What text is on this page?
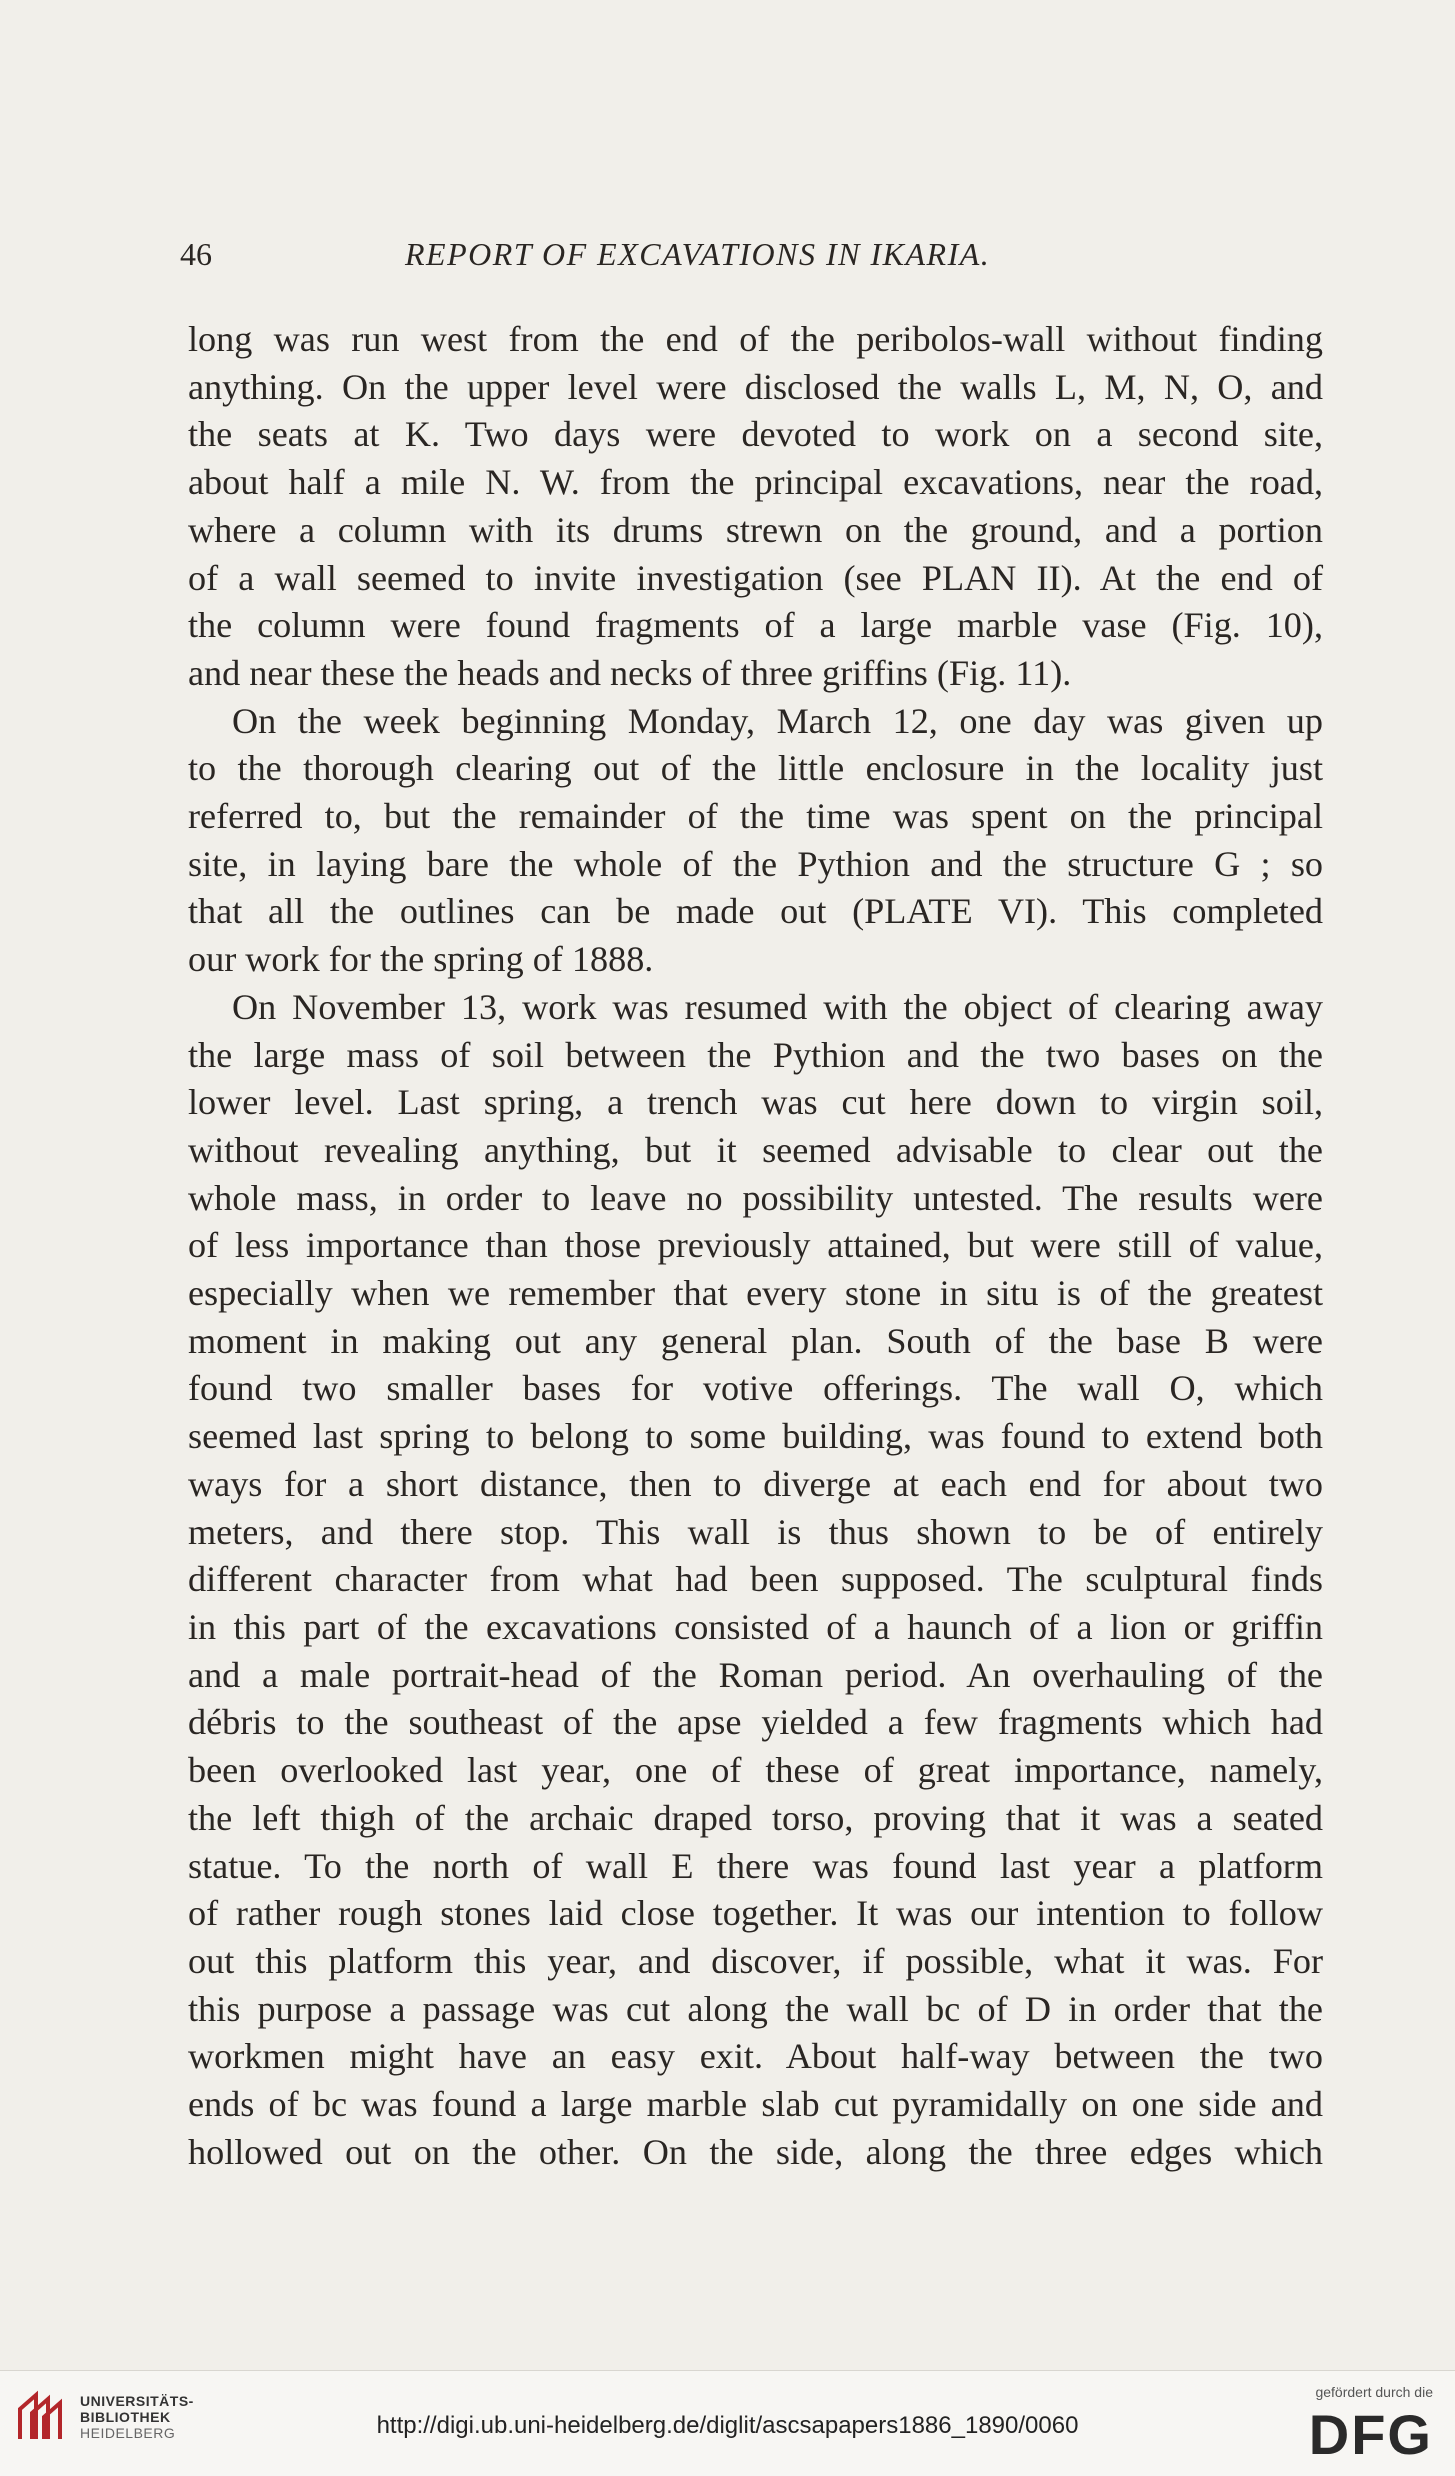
46	REPORT OF EXCAVATIONS IN IKARIA.
long was run west from the end of the peribolos-wall without finding
anything. On the upper level were disclosed the walls L, M, N, O, and
the seats at K. Two days were devoted to work on a second site,
about half a mile N. W. from the principal excavations, near the road,
where a column with its drums strewn on the ground, and a portion
of a wall seemed to invite investigation (see PLAN II). At the end of
the column were found fragments of a large marble vase (Fig. 10),
and near these the heads and necks of three griffins (Fig. 11).
On the week beginning Monday, March 12, one day was given up
to the thorough clearing out of the little enclosure in the locality just
referred to, but the remainder of the time was spent on the principal
site, in laying bare the whole of the Pythion and the structure G ; so
that all the outlines can be made out (PLATE VI). This completed
our work for the spring of 1888.
On November 13, work was resumed with the object of clearing away
the large mass of soil between the Pythion and the two bases on the
lower level. Last spring, a trench was cut here down to virgin soil,
without revealing anything, but it seemed advisable to clear out the
whole mass, in order to leave no possibility untested. The results were
of less importance than those previously attained, but were still of value,
especially when we remember that every stone in situ is of the greatest
moment in making out any general plan. South of the base B were
found two smaller bases for votive offerings. The wall O, which
seemed last spring to belong to some building, was found to extend both
ways for a short distance, then to diverge at each end for about two
meters, and there stop. This wall is thus shown to be of entirely
different character from what had been supposed. The sculptural finds
in this part of the excavations consisted of a haunch of a lion or griffin
and a male portrait-head of the Roman period. An overhauling of the
débris to the southeast of the apse yielded a few fragments which had
been overlooked last year, one of these of great importance, namely,
the left thigh of the archaic draped torso, proving that it was a seated
statue. To the north of wall E there was found last year a platform
of rather rough stones laid close together. It was our intention to follow
out this platform this year, and discover, if possible, what it was. For
this purpose a passage was cut along the wall bc of D in order that the
workmen might have an easy exit. About half-way between the two
ends of bc was found a large marble slab cut pyramidally on one side and
hollowed out on the other. On the side, along the three edges which
UNIVERSITÄTS-
BIBLIOTHEK
HEIDELBERG	http://digi.ub.uni-heidelberg.de/diglit/ascsapapers1886_1890/0060
gefördert durch die
DFG
